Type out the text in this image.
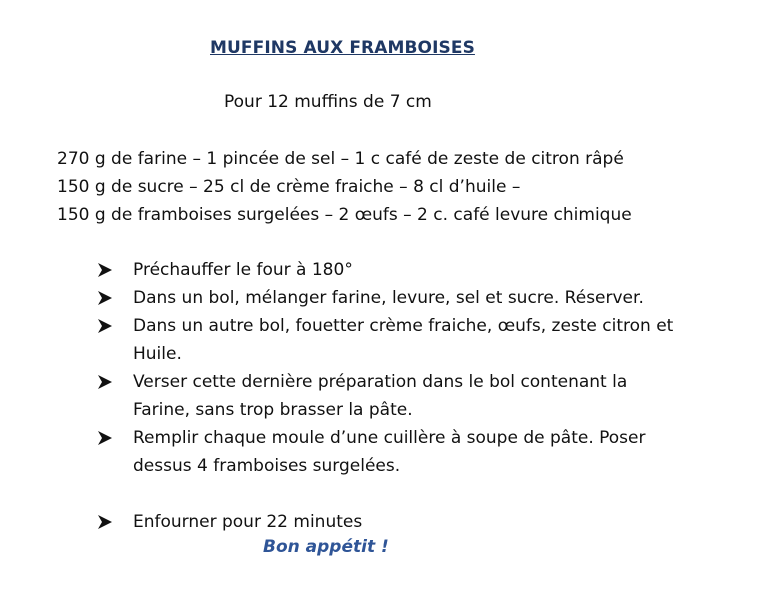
MUFFINS AUX FRAMBOISES
Pour 12 muffins de 7 cm
270 g de farine – 1 pincée de sel – 1 c café de zeste de citron râpé
150 g de sucre – 25 cl de crème fraiche – 8 cl d’huile –
150 g de framboises surgelées – 2 œufs – 2 c. café levure chimique
Préchauffer le four à 180°
Dans un bol, mélanger farine, levure, sel et sucre. Réserver.
Dans un autre bol, fouetter crème fraiche, œufs, zeste citron et
Huile.
Verser cette dernière préparation dans le bol contenant la
Farine, sans trop brasser la pâte.
Remplir chaque moule d’une cuillère à soupe de pâte. Poser
dessus 4 framboises surgelées.
Enfourner pour 22 minutes
Bon appétit !
